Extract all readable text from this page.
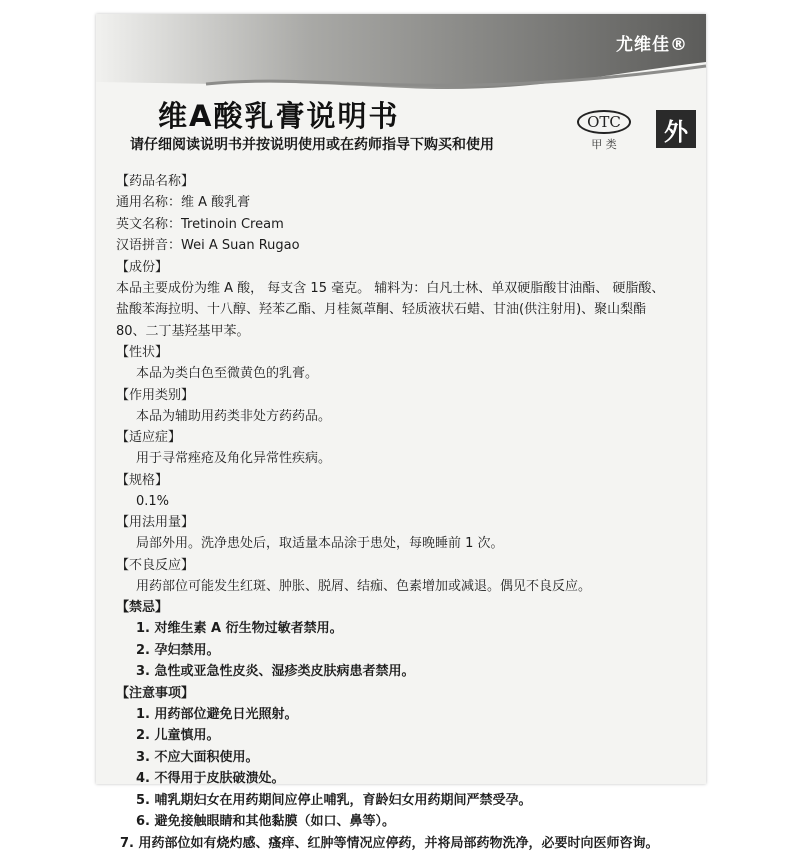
尤维佳®
维A酸乳膏说明书	OTC
甲 类	外
请仔细阅读说明书并按说明使用或在药师指导下购买和使用
【药品名称】
通用名称：维 A 酸乳膏
英文名称：Tretinoin Cream
汉语拼音：Wei A Suan Rugao
【成份】
本品主要成份为维 A 酸， 每支含 15 毫克。 辅料为：白凡士林、单双硬脂酸甘油酯、 硬脂酸、
盐酸苯海拉明、十八醇、羟苯乙酯、月桂氮䓬酮、轻质液状石蜡、甘油(供注射用)、聚山梨酯
80、二丁基羟基甲苯。
【性状】
本品为类白色至微黄色的乳膏。
【作用类别】
本品为辅助用药类非处方药药品。
【适应症】
用于寻常痤疮及角化异常性疾病。
【规格】
0.1%
【用法用量】
局部外用。洗净患处后，取适量本品涂于患处，每晚睡前 1 次。
【不良反应】
用药部位可能发生红斑、肿胀、脱屑、结痂、色素增加或减退。偶见不良反应。
【禁忌】
1. 对维生素 A 衍生物过敏者禁用。
2. 孕妇禁用。
3. 急性或亚急性皮炎、湿疹类皮肤病患者禁用。
【注意事项】
1. 用药部位避免日光照射。
2. 儿童慎用。
3. 不应大面积使用。
4. 不得用于皮肤破溃处。
5. 哺乳期妇女在用药期间应停止哺乳，育龄妇女用药期间严禁受孕。
6. 避免接触眼睛和其他黏膜（如口、鼻等）。
7. 用药部位如有烧灼感、瘙痒、红肿等情况应停药，并将局部药物洗净，必要时向医师咨询。
